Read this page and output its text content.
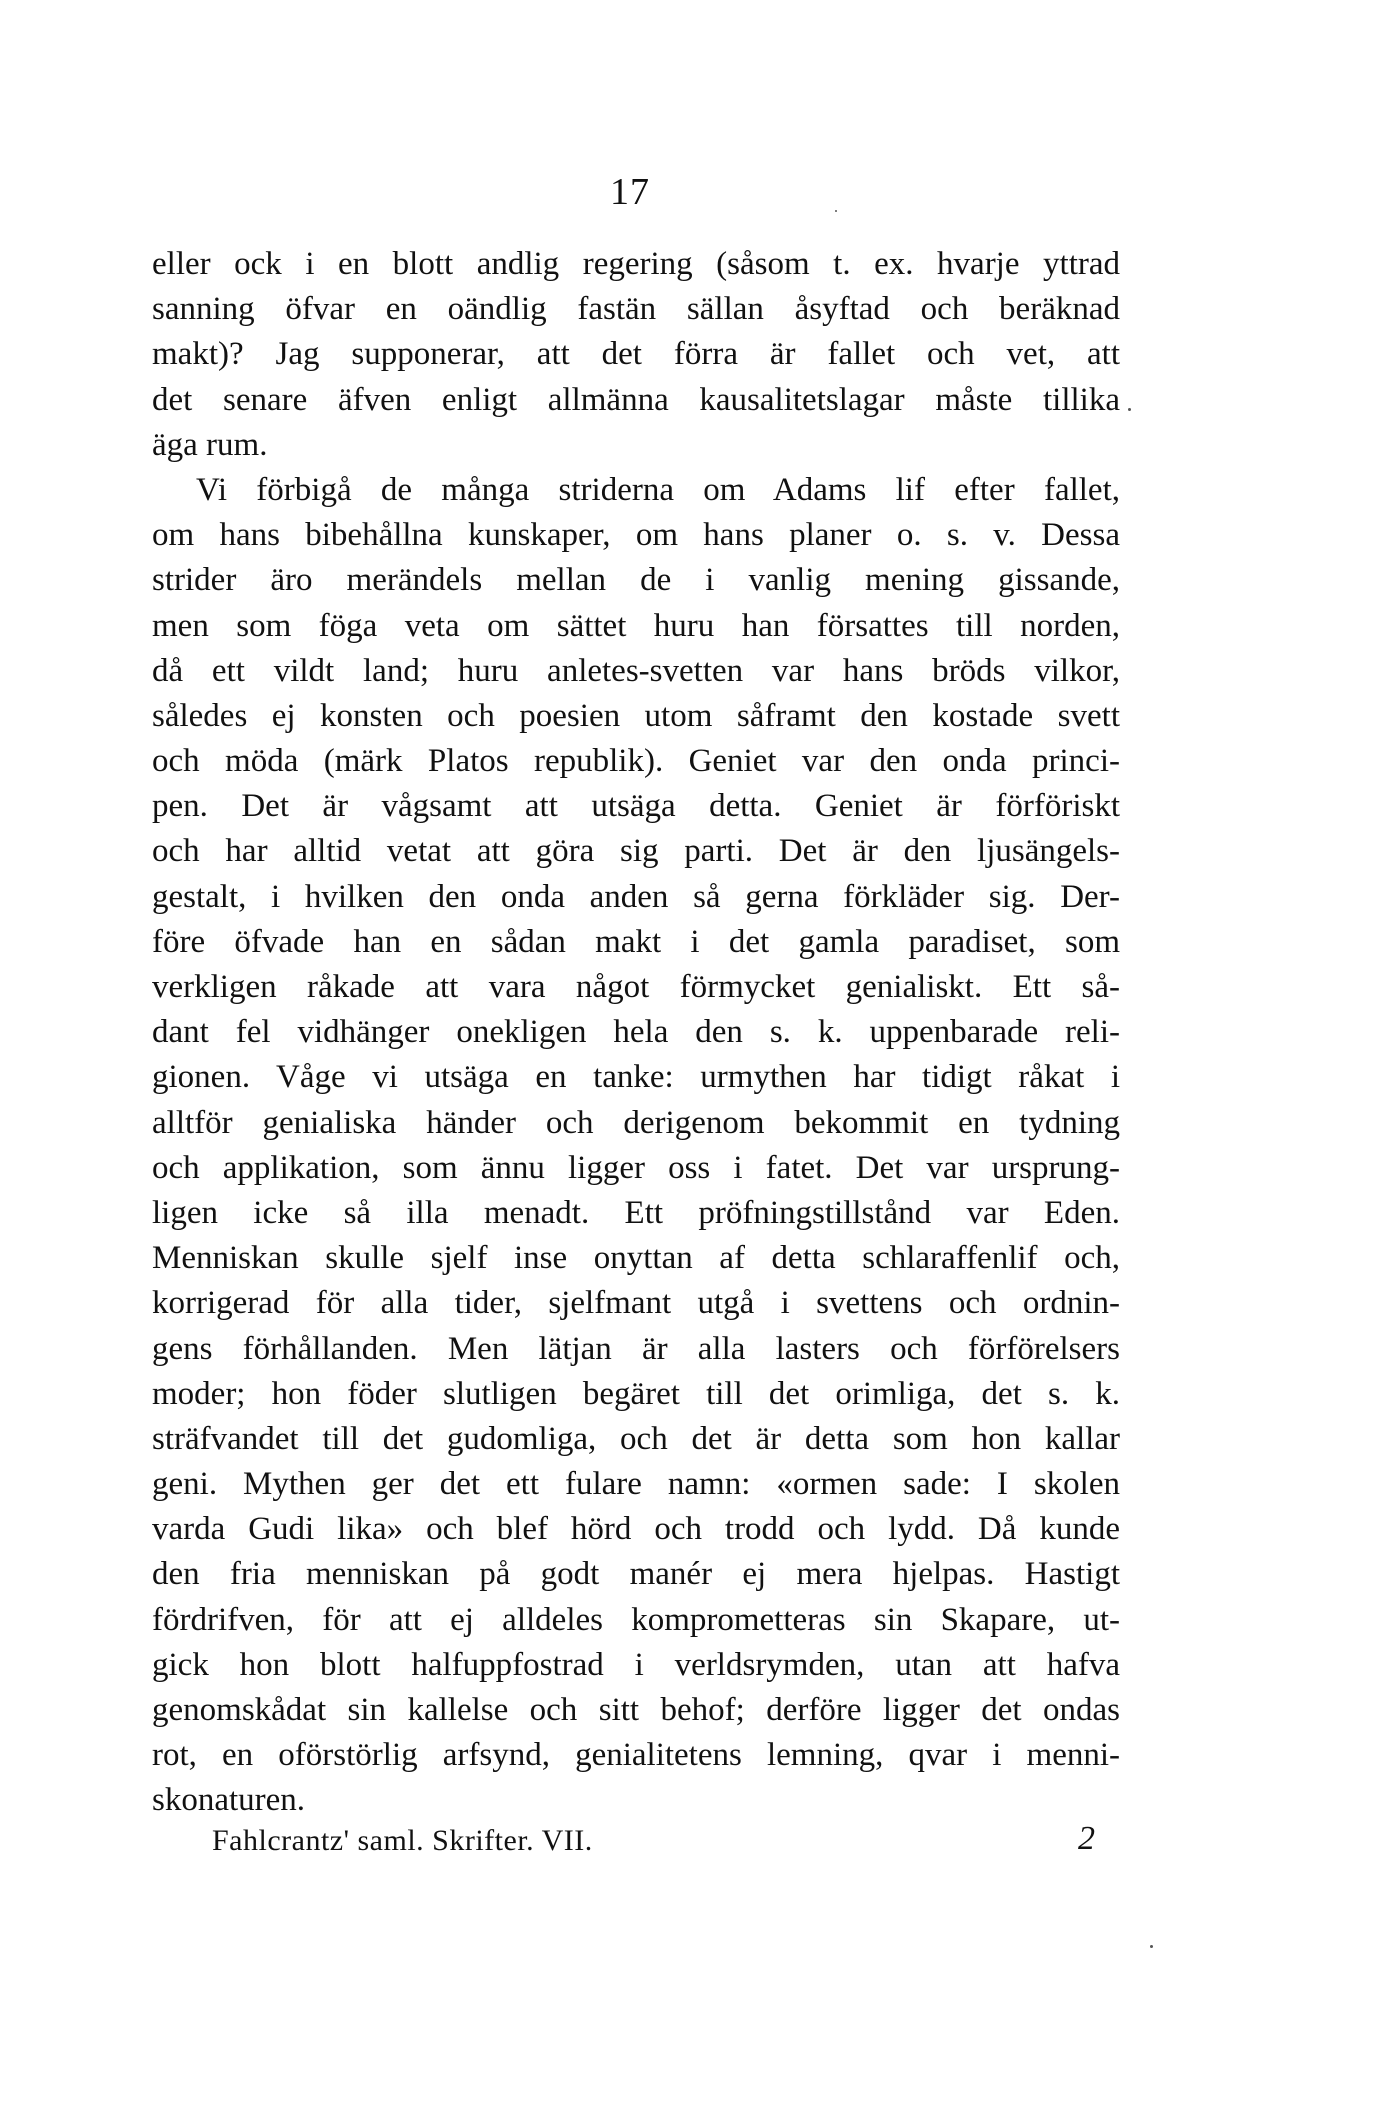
17
eller ock i en blott andlig regering (såsom t. ex. hvarje yttrad
sanning öfvar en oändlig fastän sällan åsyftad och beräknad
makt)? Jag supponerar, att det förra är fallet och vet, att
det senare äfven enligt allmänna kausalitetslagar måste tillika
äga rum.
Vi förbigå de många striderna om Adams lif efter fallet,
om hans bibehållna kunskaper, om hans planer o. s. v. Dessa
strider äro merändels mellan de i vanlig mening gissande,
men som föga veta om sättet huru han försattes till norden,
då ett vildt land; huru anletes-svetten var hans bröds vilkor,
således ej konsten och poesien utom såframt den kostade svett
och möda (märk Platos republik). Geniet var den onda princi-
pen. Det är vågsamt att utsäga detta. Geniet är förföriskt
och har alltid vetat att göra sig parti. Det är den ljusängels-
gestalt, i hvilken den onda anden så gerna förkläder sig. Der-
före öfvade han en sådan makt i det gamla paradiset, som
verkligen råkade att vara något förmycket genialiskt. Ett så-
dant fel vidhänger onekligen hela den s. k. uppenbarade reli-
gionen. Våge vi utsäga en tanke: urmythen har tidigt råkat i
alltför genialiska händer och derigenom bekommit en tydning
och applikation, som ännu ligger oss i fatet. Det var ursprung-
ligen icke så illa menadt. Ett pröfningstillstånd var Eden.
Menniskan skulle sjelf inse onyttan af detta schlaraffenlif och,
korrigerad för alla tider, sjelfmant utgå i svettens och ordnin-
gens förhållanden. Men lätjan är alla lasters och förförelsers
moder; hon föder slutligen begäret till det orimliga, det s. k.
sträfvandet till det gudomliga, och det är detta som hon kallar
geni. Mythen ger det ett fulare namn: «ormen sade: I skolen
varda Gudi lika» och blef hörd och trodd och lydd. Då kunde
den fria menniskan på godt manér ej mera hjelpas. Hastigt
fördrifven, för att ej alldeles komprometteras sin Skapare, ut-
gick hon blott halfuppfostrad i verldsrymden, utan att hafva
genomskådat sin kallelse och sitt behof; derföre ligger det ondas
rot, en oförstörlig arfsynd, genialitetens lemning, qvar i menni-
skonaturen.
Fahlcrantz' saml. Skrifter. VII.	2
